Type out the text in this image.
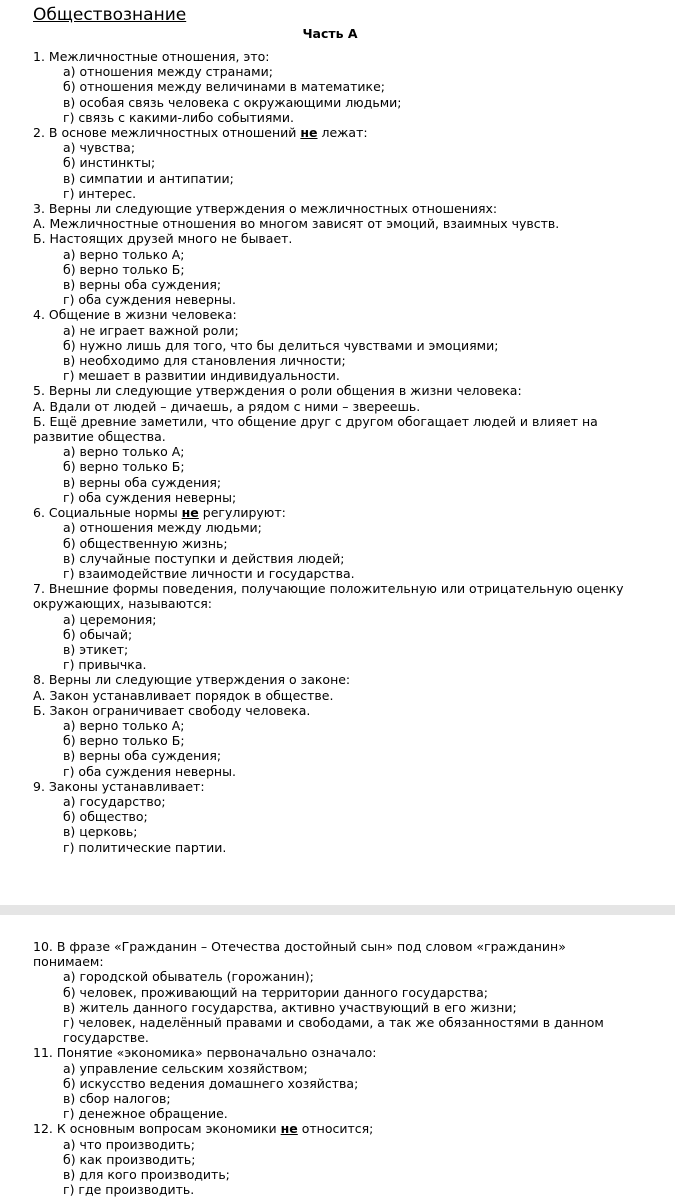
Обществознание
Часть А
1. Межличностные отношения, это:
а) отношения между странами;
б) отношения между величинами в математике;
в) особая связь человека с окружающими людьми;
г) связь с какими-либо событиями.
2. В основе межличностных отношений не лежат:
а) чувства;
б) инстинкты;
в) симпатии и антипатии;
г) интерес.
3. Верны ли следующие утверждения о межличностных отношениях:
А. Межличностные отношения во многом зависят от эмоций, взаимных чувств.
Б. Настоящих друзей много не бывает.
а) верно только А;
б) верно только Б;
в) верны оба суждения;
г) оба суждения неверны.
4. Общение в жизни человека:
а) не играет важной роли;
б) нужно лишь для того, что бы делиться чувствами и эмоциями;
в) необходимо для становления личности;
г) мешает в развитии индивидуальности.
5. Верны ли следующие утверждения о роли общения в жизни человека:
А. Вдали от людей – дичаешь, а рядом с ними – звереешь.
Б. Ещё древние заметили, что общение друг с другом обогащает людей и влияет на развитие общества.
а) верно только А;
б) верно только Б;
в) верны оба суждения;
г) оба суждения неверны;
6. Социальные нормы не регулируют:
а) отношения между людьми;
б) общественную жизнь;
в) случайные поступки и действия людей;
г) взаимодействие личности и государства.
7. Внешние формы поведения, получающие положительную или отрицательную оценку окружающих, называются:
а) церемония;
б) обычай;
в) этикет;
г) привычка.
8. Верны ли следующие утверждения о законе:
А. Закон устанавливает порядок в обществе.
Б. Закон ограничивает свободу человека.
а) верно только А;
б) верно только Б;
в) верны оба суждения;
г) оба суждения неверны.
9. Законы устанавливает:
а) государство;
б) общество;
в) церковь;
г) политические партии.
10. В фразе «Гражданин – Отечества достойный сын» под словом «гражданин» понимаем:
а) городской обыватель (горожанин);
б) человек, проживающий на территории данного государства;
в) житель данного государства, активно участвующий в его жизни;
г) человек, наделённый правами и свободами, а так же обязанностями в данном государстве.
11. Понятие «экономика» первоначально означало:
а) управление сельским хозяйством;
б) искусство ведения домашнего хозяйства;
в) сбор налогов;
г) денежное обращение.
12. К основным вопросам экономики не относится;
а) что производить;
б) как производить;
в) для кого производить;
г) где производить.
